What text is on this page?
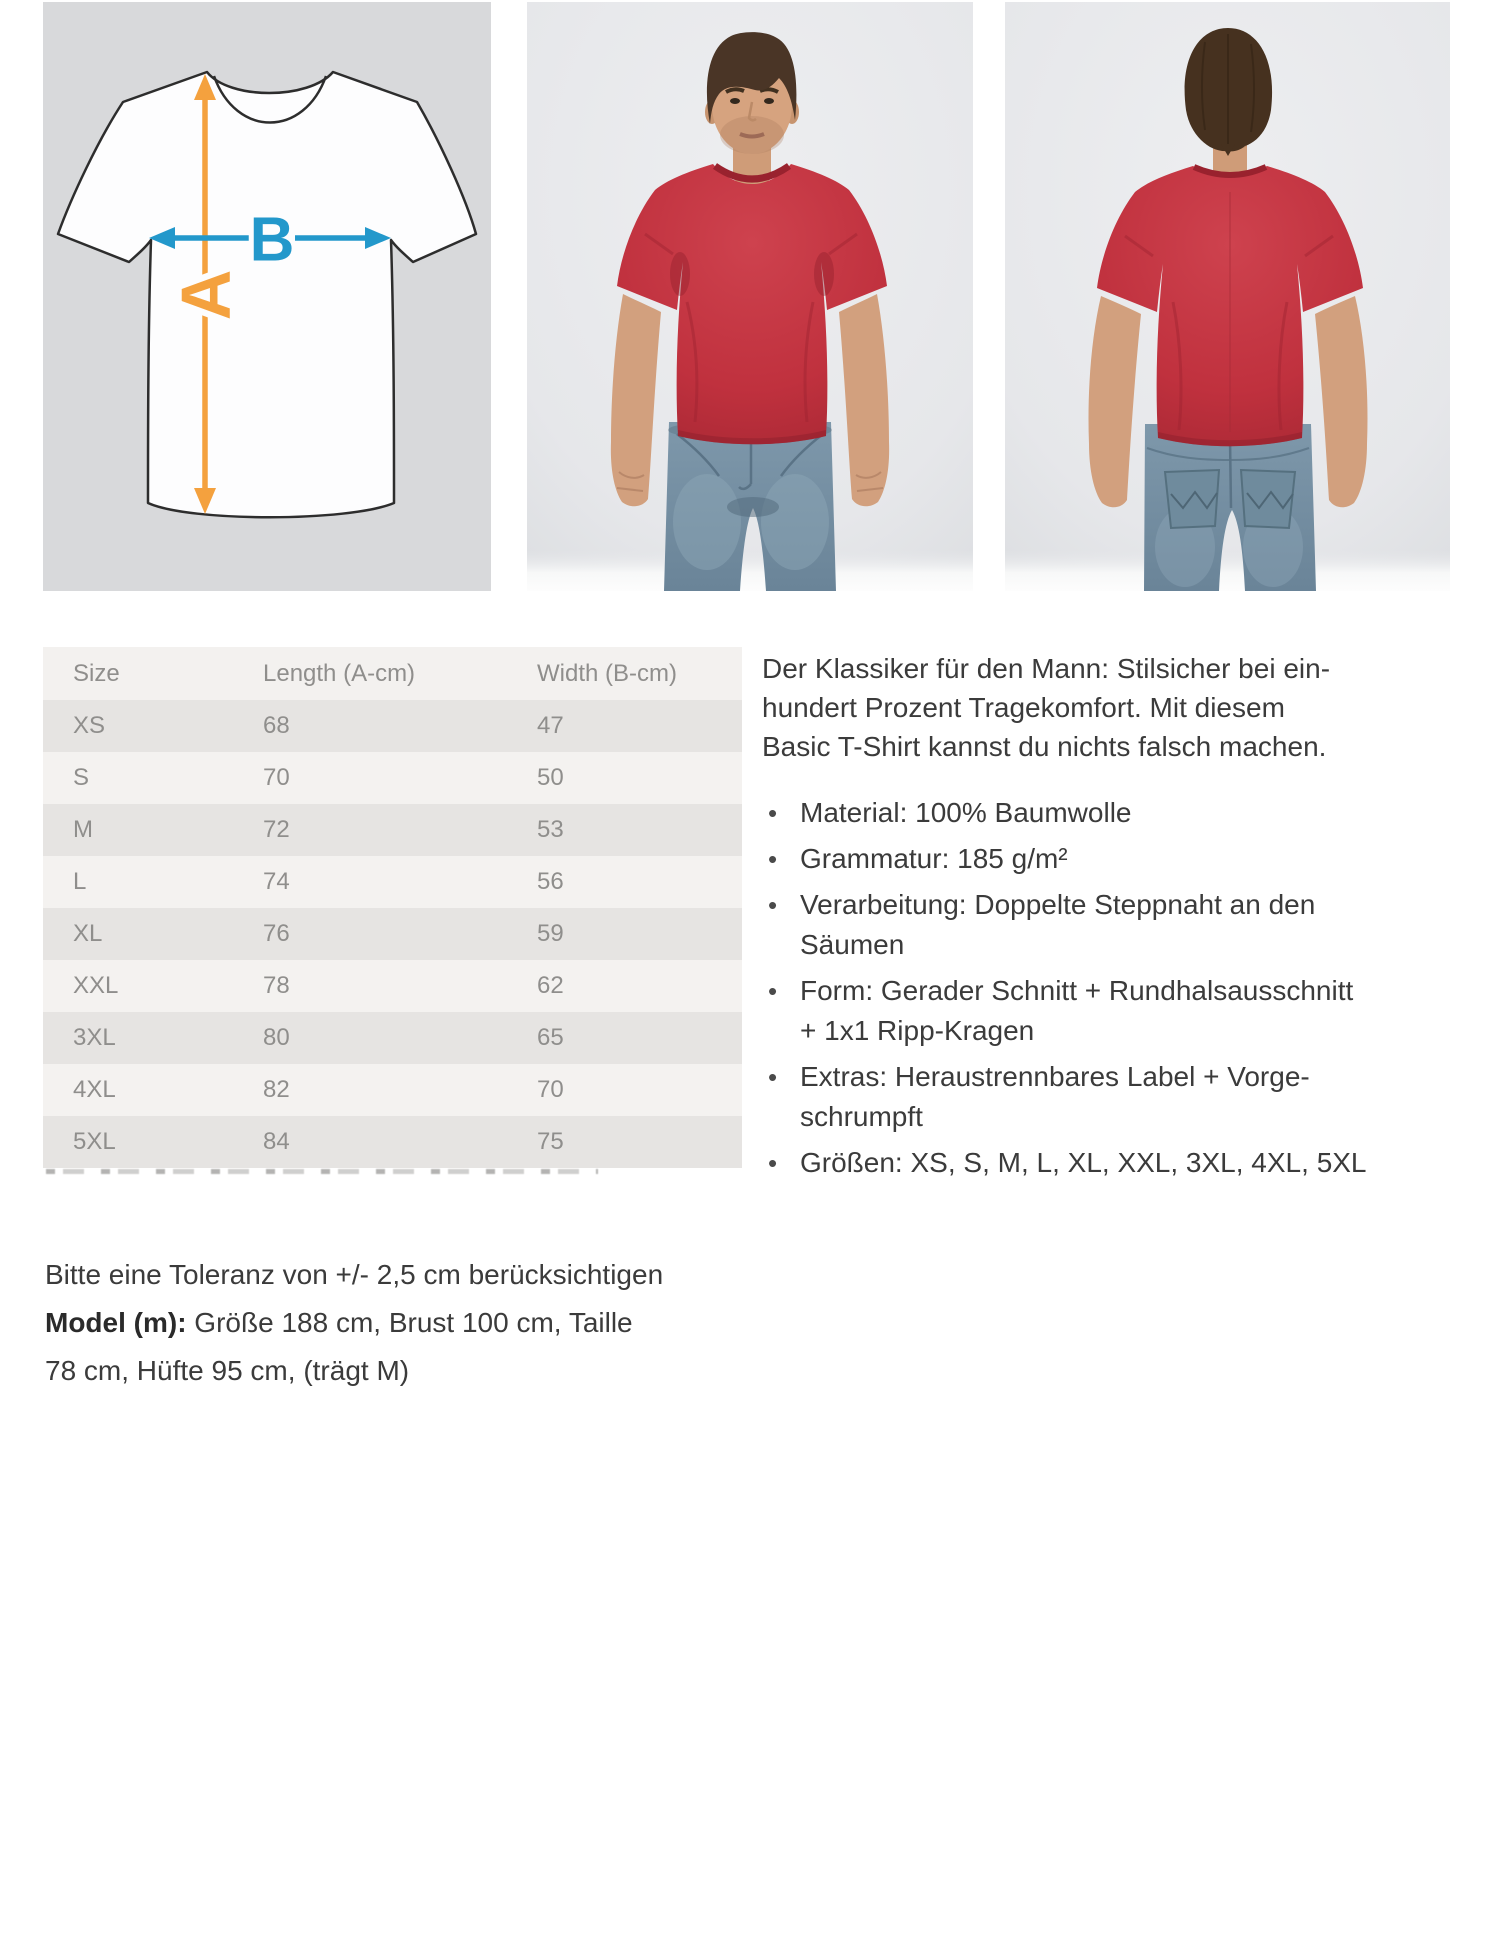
A
B
Size	Length (A-cm)	Width (B-cm)
XS	68	47
S	70	50
M	72	53
L	74	56
XL	76	59
XXL	78	62
3XL	80	65
4XL	82	70
5XL	84	75

Der Klassiker für den Mann: Stilsicher bei ein-
hundert Prozent Tragekomfort. Mit diesem
Basic T-Shirt kannst du nichts falsch machen.

• Material: 100% Baumwolle
• Grammatur: 185 g/m²
• Verarbeitung: Doppelte Steppnaht an den
Säumen
• Form: Gerader Schnitt + Rundhalsausschnitt
+ 1x1 Ripp-Kragen
• Extras: Heraustrennbares Label + Vorge-
schrumpft
• Größen: XS, S, M, L, XL, XXL, 3XL, 4XL, 5XL
Bitte eine Toleranz von +/- 2,5 cm berücksichtigen
Model (m): Größe 188 cm, Brust 100 cm, Taille
78 cm, Hüfte 95 cm, (trägt M)
